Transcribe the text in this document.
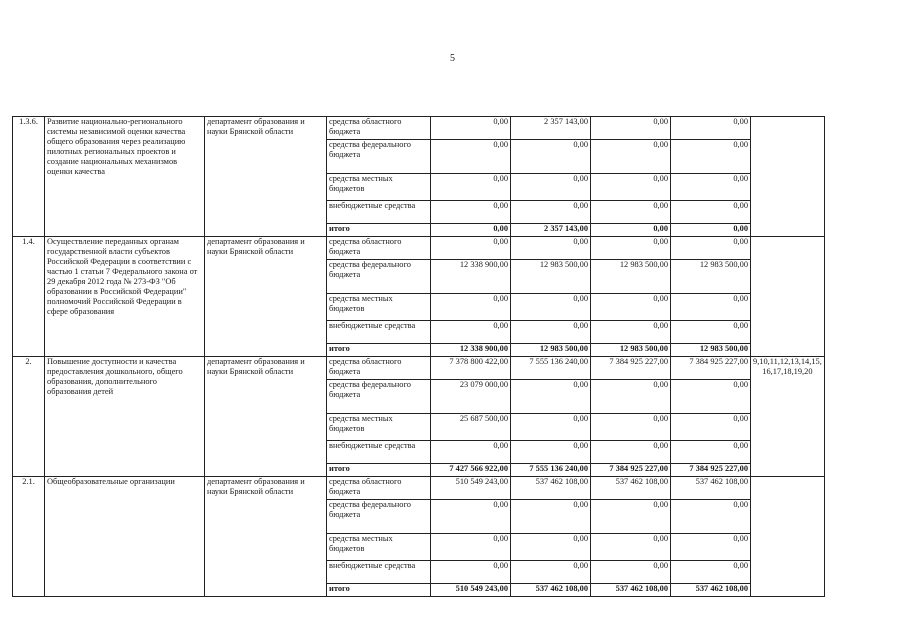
5
1.3.6.	Развитие национально-регионального системы независимой оценки качества общего образования через реализацию пилотных региональных проектов и создание национальных механизмов оценки качества	департамент образования и науки Брянской области	средства областного бюджета	0,00	2 357 143,00	0,00	0,00	
			средства федерального бюджета	0,00	0,00	0,00	0,00	
			средства местных бюджетов	0,00	0,00	0,00	0,00	
			внебюджетные средства	0,00	0,00	0,00	0,00	
			итого	0,00	2 357 143,00	0,00	0,00	
1.4.	Осуществление переданных органам государственной власти субъектов Российской Федерации в соответствии с частью 1 статьи 7 Федерального закона от 29 декабря 2012 года № 273-ФЗ "Об образовании в Российской Федерации" полномочий Российской Федерации в сфере образования	департамент образования и науки Брянской области	средства областного бюджета	0,00	0,00	0,00	0,00	
			средства федерального бюджета	12 338 900,00	12 983 500,00	12 983 500,00	12 983 500,00	
			средства местных бюджетов	0,00	0,00	0,00	0,00	
			внебюджетные средства	0,00	0,00	0,00	0,00	
			итого	12 338 900,00	12 983 500,00	12 983 500,00	12 983 500,00	
2.	Повышение доступности и качества предоставления дошкольного, общего образования, дополнительного образования детей	департамент образования и науки Брянской области	средства областного бюджета	7 378 800 422,00	7 555 136 240,00	7 384 925 227,00	7 384 925 227,00	9,10,11,12,13,14,15, 16,17,18,19,20
			средства федерального бюджета	23 079 000,00	0,00	0,00	0,00	
			средства местных бюджетов	25 687 500,00	0,00	0,00	0,00	
			внебюджетные средства	0,00	0,00	0,00	0,00	
			итого	7 427 566 922,00	7 555 136 240,00	7 384 925 227,00	7 384 925 227,00	
2.1.	Общеобразовательные организации	департамент образования и науки Брянской области	средства областного бюджета	510 549 243,00	537 462 108,00	537 462 108,00	537 462 108,00	
			средства федерального бюджета	0,00	0,00	0,00	0,00	
			средства местных бюджетов	0,00	0,00	0,00	0,00	
			внебюджетные средства	0,00	0,00	0,00	0,00	
			итого	510 549 243,00	537 462 108,00	537 462 108,00	537 462 108,00	
